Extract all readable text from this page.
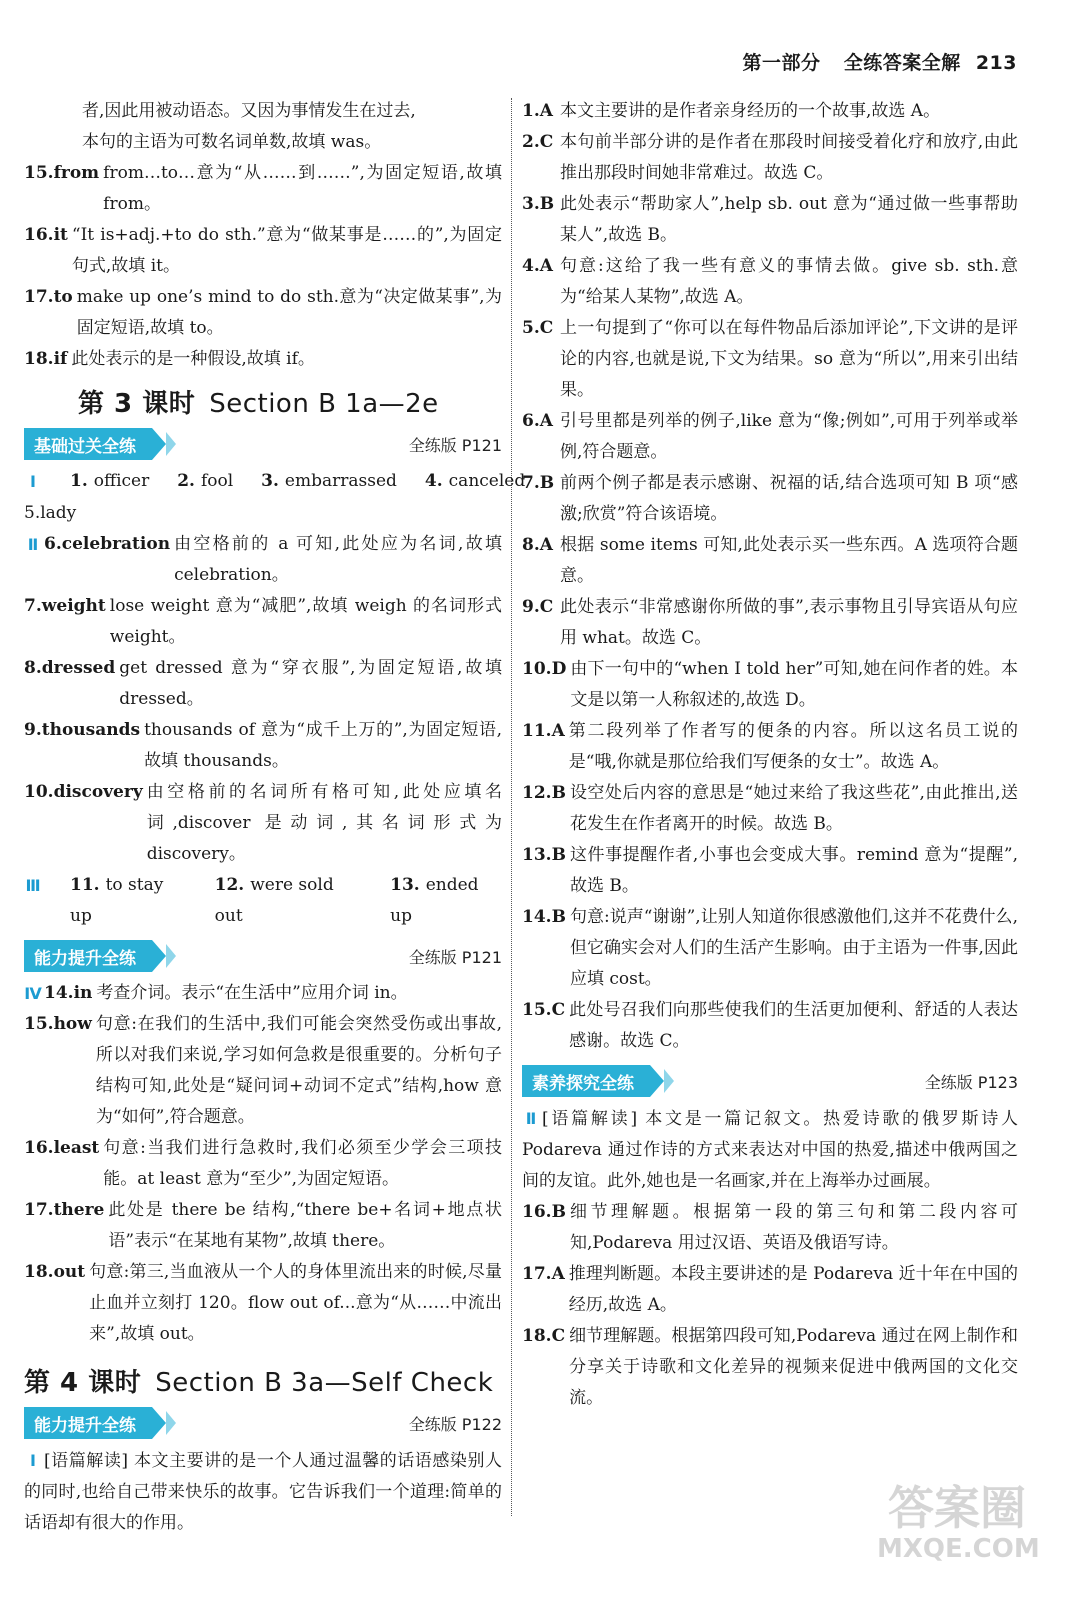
第一部分 全练答案全解 213
者,因此用被动语态。又因为事情发生在过去,
本句的主语为可数名词单数,故填 was。
15.from from…to…意为“从……到……”,为固定短语,故填 from。
16.it “It is+adj.+to do sth.”意为“做某事是……的”,为固定句式,故填 it。
17.to make up one’s mind to do sth.意为“决定做某事”,为固定短语,故填 to。
18.if 此处表示的是一种假设,故填 if。
第 3 课时 Section B 1a—2e
基础过关全练	全练版 P121
Ⅰ	1. officer 2. fool 3. embarrassed 4. canceled
5.lady
Ⅱ 6.celebration 由空格前的 a 可知,此处应为名词,故填 celebration。
7.weight lose weight 意为“减肥”,故填 weigh 的名词形式 weight。
8.dressed get dressed 意为“穿衣服”,为固定短语,故填 dressed。
9.thousands thousands of 意为“成千上万的”,为固定短语,故填 thousands。
10.discovery 由空格前的名词所有格可知,此处应填名词,discover 是动词,其名词形式为 discovery。
Ⅲ 11. to stay up
12. were sold out
13. ended up
能力提升全练	全练版 P121
Ⅳ 14.in 考查介词。表示“在生活中”应用介词 in。
15.how 句意:在我们的生活中,我们可能会突然受伤或出事故,所以对我们来说,学习如何急救是很重要的。分析句子结构可知,此处是“疑问词+动词不定式”结构,how 意为“如何”,符合题意。
16.least 句意:当我们进行急救时,我们必须至少学会三项技能。at least 意为“至少”,为固定短语。
17.there 此处是 there be 结构,“there be+名词+地点状语”表示“在某地有某物”,故填 there。
18.out 句意:第三,当血液从一个人的身体里流出来的时候,尽量止血并立刻打 120。flow out of...意为“从……中流出来”,故填 out。
第 4 课时 Section B 3a—Self Check
能力提升全练	全练版 P122
Ⅰ [语篇解读] 本文主要讲的是一个人通过温馨的话语感染别人的同时,也给自己带来快乐的故事。它告诉我们一个道理:简单的话语却有很大的作用。
1.A 本文主要讲的是作者亲身经历的一个故事,故选 A。
2.C 本句前半部分讲的是作者在那段时间接受着化疗和放疗,由此推出那段时间她非常难过。故选 C。
3.B 此处表示“帮助家人”,help sb. out 意为“通过做一些事帮助某人”,故选 B。
4.A 句意:这给了我一些有意义的事情去做。give sb. sth.意为“给某人某物”,故选 A。
5.C 上一句提到了“你可以在每件物品后添加评论”,下文讲的是评论的内容,也就是说,下文为结果。so 意为“所以”,用来引出结果。
6.A 引号里都是列举的例子,like 意为“像;例如”,可用于列举或举例,符合题意。
7.B 前两个例子都是表示感谢、祝福的话,结合选项可知 B 项“感激;欣赏”符合该语境。
8.A 根据 some items 可知,此处表示买一些东西。A 选项符合题意。
9.C 此处表示“非常感谢你所做的事”,表示事物且引导宾语从句应用 what。故选 C。
10.D 由下一句中的“when I told her”可知,她在问作者的姓。本文是以第一人称叙述的,故选 D。
11.A 第二段列举了作者写的便条的内容。所以这名员工说的是“哦,你就是那位给我们写便条的女士”。故选 A。
12.B 设空处后内容的意思是“她过来给了我这些花”,由此推出,送花发生在作者离开的时候。故选 B。
13.B 这件事提醒作者,小事也会变成大事。remind 意为“提醒”,故选 B。
14.B 句意:说声“谢谢”,让别人知道你很感激他们,这并不花费什么,但它确实会对人们的生活产生影响。由于主语为一件事,因此应填 cost。
15.C 此处号召我们向那些使我们的生活更加便利、舒适的人表达感谢。故选 C。
素养探究全练	全练版 P123
Ⅱ [语篇解读] 本文是一篇记叙文。热爱诗歌的俄罗斯诗人 Podareva 通过作诗的方式来表达对中国的热爱,描述中俄两国之间的友谊。此外,她也是一名画家,并在上海举办过画展。
16.B 细节理解题。根据第一段的第三句和第二段内容可知,Podareva 用过汉语、英语及俄语写诗。
17.A 推理判断题。本段主要讲述的是 Podareva 近十年在中国的经历,故选 A。
18.C 细节理解题。根据第四段可知,Podareva 通过在网上制作和分享关于诗歌和文化差异的视频来促进中俄两国的文化交流。
答案圈
MXQE.COM
